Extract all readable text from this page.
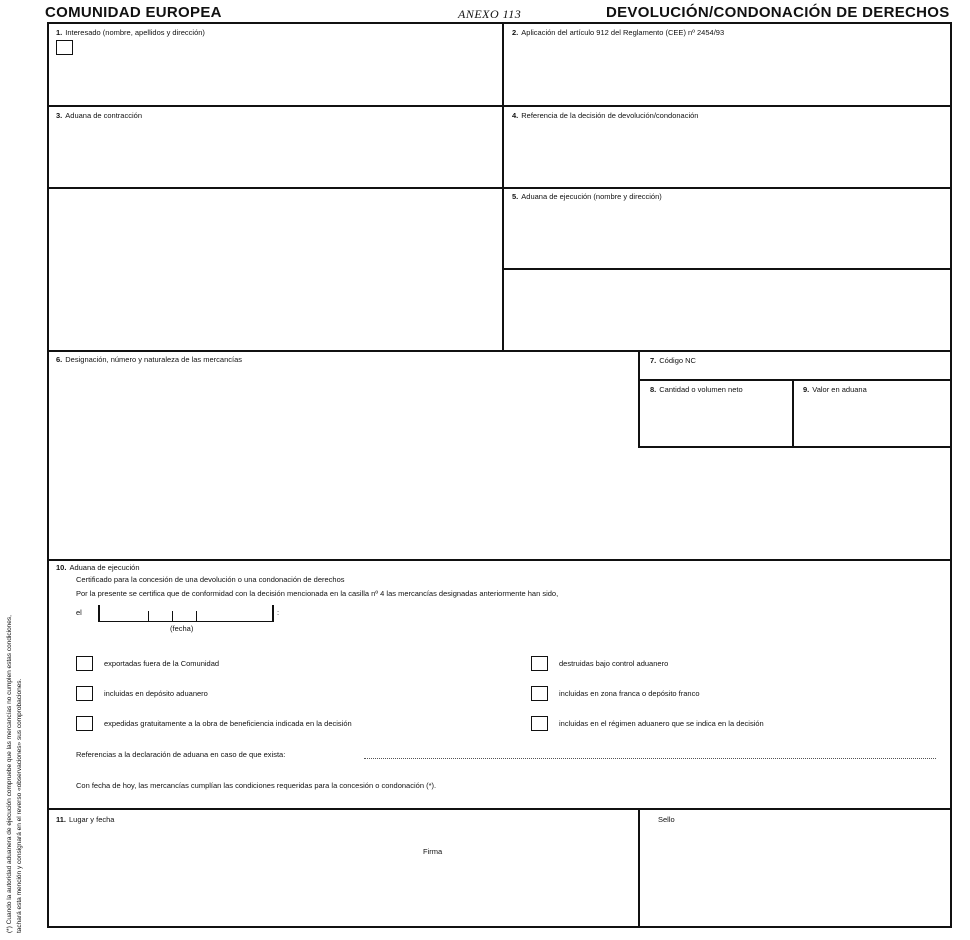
COMUNIDAD EUROPEA	ANEXO 113	DEVOLUCIÓN/CONDONACIÓN DE DERECHOS
1. Interesado (nombre, apellidos y dirección)	2. Aplicación del artículo 912 del Reglamento (CEE) nº 2454/93
3. Aduana de contracción	4. Referencia de la decisión de devolución/condonación
5. Aduana de ejecución (nombre y dirección)
6. Designación, número y naturaleza de las mercancías	7. Código NC
8. Cantidad o volumen neto	9. Valor en aduana
10. Aduana de ejecución
Certificado para la concesión de una devolución o una condonación de derechos
Por la presente se certifica que de conformidad con la decisión mencionada en la casilla nº 4 las mercancías designadas anteriormente han sido,
el	:
(fecha)
exportadas fuera de la Comunidad
incluidas en depósito aduanero
expedidas gratuitamente a la obra de beneficiencia indicada en la decisión
destruidas bajo control aduanero
incluidas en zona franca o depósito franco
incluidas en el régimen aduanero que se indica en la decisión
Referencias a la declaración de aduana en caso de que exista:
Con fecha de hoy, las mercancías cumplían las condiciones requeridas para la concesión o condonación (*).
11. Lugar y fecha
Firma
Sello
(*) Cuando la autoridad aduanera de ejecución compruebe que las mercancías no cumplen estas condiciones, tachará esta mención y consignará en el reverso «observaciones» sus comprobaciones.
